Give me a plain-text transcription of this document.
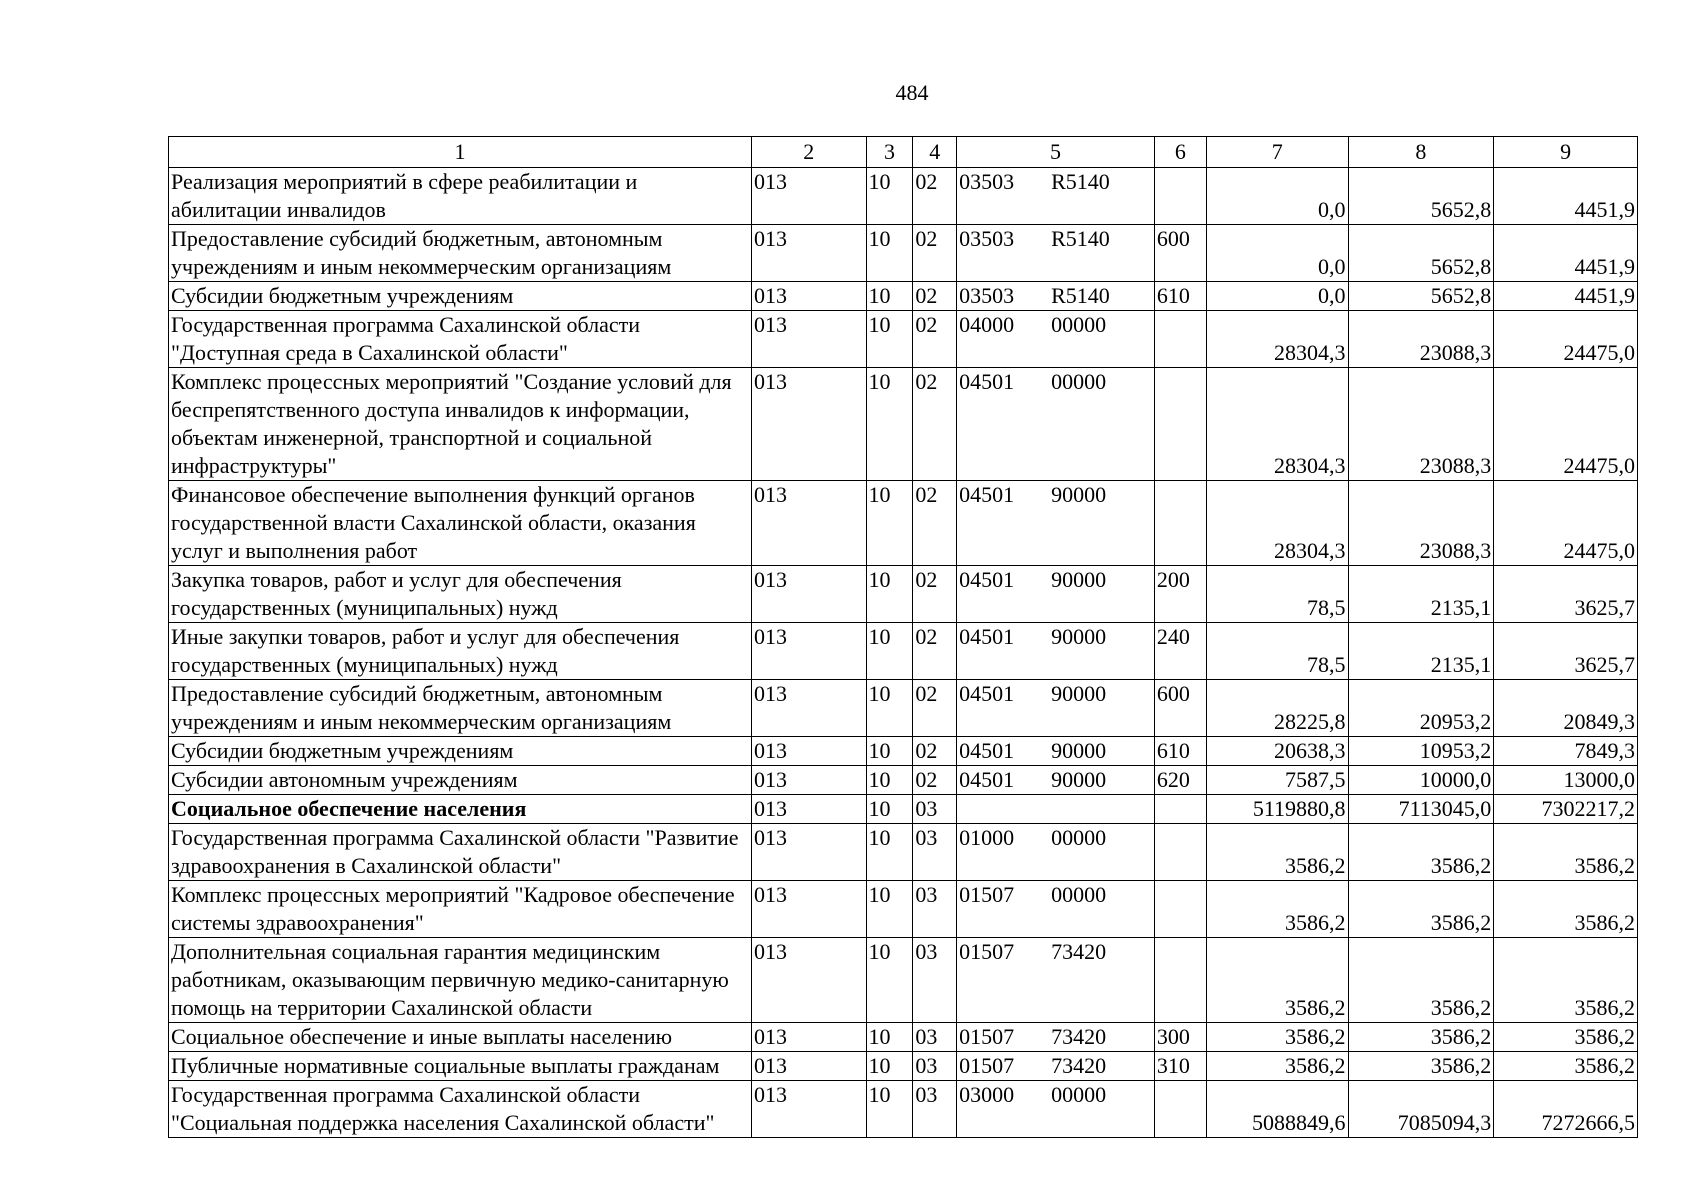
484
1	2	3	4	5	6	7	8	9
Реализация мероприятий в сфере реабилитации и абилитации инвалидов	013	10	02	03503 R5140		0,0	5652,8	4451,9
Предоставление субсидий бюджетным, автономным учреждениям и иным некоммерческим организациям	013	10	02	03503 R5140	600	0,0	5652,8	4451,9
Субсидии бюджетным учреждениям	013	10	02	03503 R5140	610	0,0	5652,8	4451,9
Государственная программа Сахалинской области "Доступная среда в Сахалинской области"	013	10	02	04000 00000		28304,3	23088,3	24475,0
Комплекс процессных мероприятий "Создание условий для беспрепятственного доступа инвалидов к информации, объектам инженерной, транспортной и социальной инфраструктуры"	013	10	02	04501 00000		28304,3	23088,3	24475,0
Финансовое обеспечение выполнения функций органов государственной власти Сахалинской области, оказания услуг и выполнения работ	013	10	02	04501 90000		28304,3	23088,3	24475,0
Закупка товаров, работ и услуг для обеспечения государственных (муниципальных) нужд	013	10	02	04501 90000	200	78,5	2135,1	3625,7
Иные закупки товаров, работ и услуг для обеспечения государственных (муниципальных) нужд	013	10	02	04501 90000	240	78,5	2135,1	3625,7
Предоставление субсидий бюджетным, автономным учреждениям и иным некоммерческим организациям	013	10	02	04501 90000	600	28225,8	20953,2	20849,3
Субсидии бюджетным учреждениям	013	10	02	04501 90000	610	20638,3	10953,2	7849,3
Субсидии автономным учреждениям	013	10	02	04501 90000	620	7587,5	10000,0	13000,0
Социальное обеспечение населения	013	10	03			5119880,8	7113045,0	7302217,2
Государственная программа Сахалинской области "Развитие здравоохранения в Сахалинской области"	013	10	03	01000 00000		3586,2	3586,2	3586,2
Комплекс процессных мероприятий "Кадровое обеспечение системы здравоохранения"	013	10	03	01507 00000		3586,2	3586,2	3586,2
Дополнительная социальная гарантия медицинским работникам, оказывающим первичную медико-санитарную помощь на территории Сахалинской области	013	10	03	01507 73420		3586,2	3586,2	3586,2
Социальное обеспечение и иные выплаты населению	013	10	03	01507 73420	300	3586,2	3586,2	3586,2
Публичные нормативные социальные выплаты гражданам	013	10	03	01507 73420	310	3586,2	3586,2	3586,2
Государственная программа Сахалинской области "Социальная поддержка населения Сахалинской области"	013	10	03	03000 00000		5088849,6	7085094,3	7272666,5
